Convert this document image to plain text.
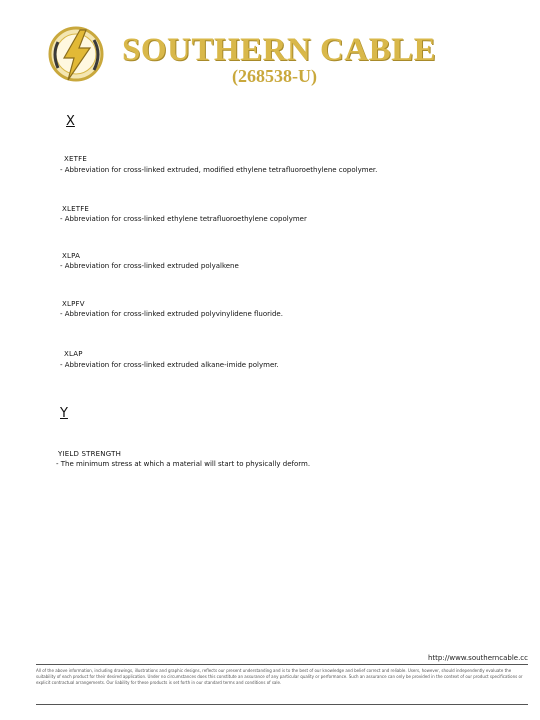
SOUTHERN CABLE
(268538-U)
X
XETFE
- Abbreviation for cross-linked extruded, modified ethylene tetrafluoroethylene copolymer.
XLETFE
- Abbreviation for cross-linked ethylene tetrafluoroethylene copolymer
XLPA
- Abbreviation for cross-linked extruded polyalkene
XLPFV
- Abbreviation for cross-linked extruded polyvinylidene fluoride.
XLAP
- Abbreviation for cross-linked extruded alkane-imide polymer.
Y
YIELD STRENGTH
- The minimum stress at which a material will start to physically deform.
http://www.southerncable.cc
All of the above information, including drawings, illustrations and graphic designs, reflects our present understanding and is to the best of our knowledge and belief correct and reliable. Users, however, should independently evaluate the suitability of each product for their desired application. Under no circumstances does this constitute an assurance of any particular quality or performance. Such an assurance can only be provided in the context of our product specifications or explicit contractual arrangements. Our liability for these products is set forth in our standard terms and conditions of sale.
